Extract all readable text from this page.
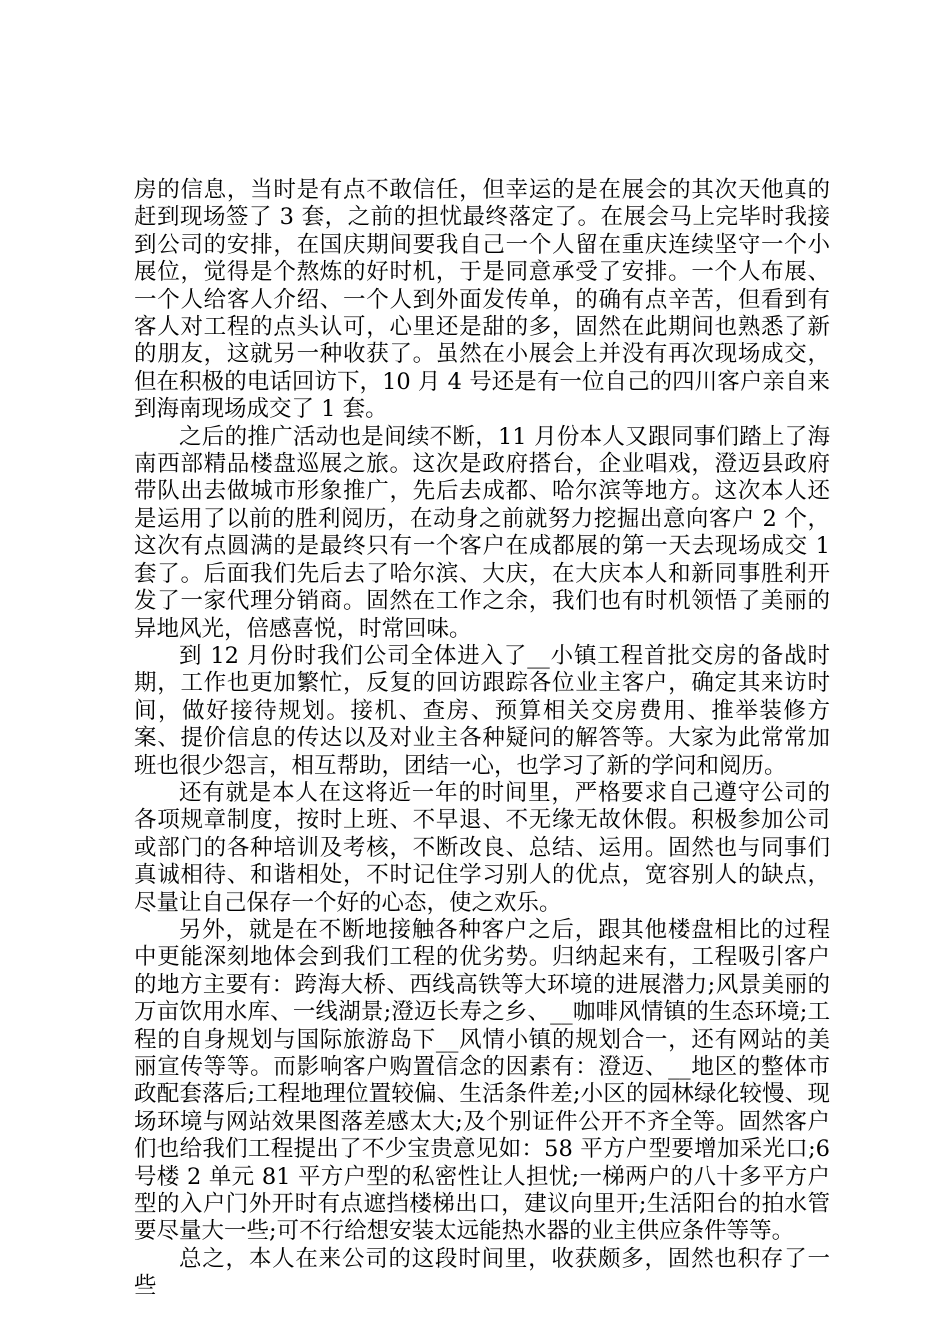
房的信息，当时是有点不敢信任，但幸运的是在展会的其次天他真的赶到现场签了 3 套，之前的担忧最终落定了。在展会马上完毕时我接到公司的安排，在国庆期间要我自己一个人留在重庆连续坚守一个小展位，觉得是个熬炼的好时机，于是同意承受了安排。一个人布展、一个人给客人介绍、一个人到外面发传单，的确有点辛苦，但看到有客人对工程的点头认可，心里还是甜的多，固然在此期间也熟悉了新的朋友，这就另一种收获了。虽然在小展会上并没有再次现场成交，但在积极的电话回访下，10 月 4 号还是有一位自己的四川客户亲自来到海南现场成交了 1 套。

之后的推广活动也是间续不断，11 月份本人又跟同事们踏上了海南西部精品楼盘巡展之旅。这次是政府搭台，企业唱戏，澄迈县政府带队出去做城市形象推广，先后去成都、哈尔滨等地方。这次本人还是运用了以前的胜利阅历，在动身之前就努力挖掘出意向客户 2 个，这次有点圆满的是最终只有一个客户在成都展的第一天去现场成交 1 套了。后面我们先后去了哈尔滨、大庆，在大庆本人和新同事胜利开发了一家代理分销商。固然在工作之余，我们也有时机领悟了美丽的异地风光，倍感喜悦，时常回味。

到 12 月份时我们公司全体进入了__小镇工程首批交房的备战时期，工作也更加繁忙，反复的回访跟踪各位业主客户，确定其来访时间，做好接待规划。接机、查房、预算相关交房费用、推举装修方案、提价信息的传达以及对业主各种疑问的解答等。大家为此常常加班也很少怨言，相互帮助，团结一心，也学习了新的学问和阅历。

还有就是本人在这将近一年的时间里，严格要求自己遵守公司的各项规章制度，按时上班、不早退、不无缘无故休假。积极参加公司或部门的各种培训及考核，不断改良、总结、运用。固然也与同事们真诚相待、和谐相处，不时记住学习别人的优点，宽容别人的缺点，尽量让自己保存一个好的心态，使之欢乐。

另外，就是在不断地接触各种客户之后，跟其他楼盘相比的过程中更能深刻地体会到我们工程的优劣势。归纳起来有，工程吸引客户的地方主要有：跨海大桥、西线高铁等大环境的进展潜力;风景美丽的万亩饮用水库、一线湖景;澄迈长寿之乡、__咖啡风情镇的生态环境;工程的自身规划与国际旅游岛下__风情小镇的规划合一，还有网站的美丽宣传等等。而影响客户购置信念的因素有：澄迈、__地区的整体市政配套落后;工程地理位置较偏、生活条件差;小区的园林绿化较慢、现场环境与网站效果图落差感太大;及个别证件公开不齐全等。固然客户们也给我们工程提出了不少宝贵意见如：58 平方户型要增加采光口;6 号楼 2 单元 81 平方户型的私密性让人担忧;一梯两户的八十多平方户型的入户门外开时有点遮挡楼梯出口，建议向里开;生活阳台的拍水管要尽量大一些;可不行给想安装太远能热水器的业主供应条件等等。

总之，本人在来公司的这段时间里，收获颇多，固然也积存了一些
